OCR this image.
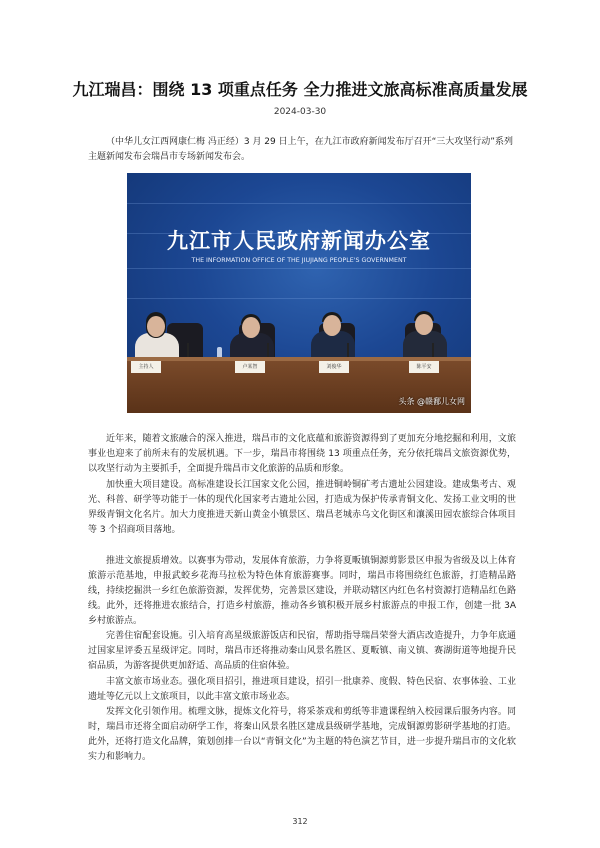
九江瑞昌：围绕 13 项重点任务 全力推进文旅高标准高质量发展
2024-03-30
（中华儿女江西网康仁梅 冯正经）3 月 29 日上午，在九江市政府新闻发布厅召开“三大攻坚行动”系列主题新闻发布会瑞昌市专场新闻发布会。
九江市人民政府新闻办公室
THE INFORMATION OFFICE OF THE JIUJIANG PEOPLE'S GOVERNMENT
主持人	卢某智	刘俊华	陈平安
头条 @赣鄱儿女网

近年来，随着文旅融合的深入推进，瑞昌市的文化底蕴和旅游资源得到了更加充分地挖掘和利用，文旅事业也迎来了前所未有的发展机遇。下一步，瑞昌市将围绕 13 项重点任务，充分依托瑞昌文旅资源优势，以攻坚行动为主要抓手，全面提升瑞昌市文化旅游的品质和形象。

加快重大项目建设。高标准建设长江国家文化公园，推进铜岭铜矿考古遗址公园建设。建成集考古、观光、科普、研学等功能于一体的现代化国家考古遗址公园，打造成为保护传承青铜文化、发扬工业文明的世界级青铜文化名片。加大力度推进天新山黄金小镇景区、瑞昌老城赤乌文化街区和瀼溪田园农旅综合体项目等 3 个招商项目落地。

推进文旅提质增效。以赛事为带动，发展体育旅游，力争将夏畈镇铜源剪影景区申报为省级及以上体育旅游示范基地，申报武蛟乡花海马拉松为特色体育旅游赛事。同时，瑞昌市将围绕红色旅游，打造精品路线，持续挖掘洪一乡红色旅游资源，发挥优势，完善景区建设，并联动辖区内红色名村资源打造精品红色路线。此外，还将推进农旅结合，打造乡村旅游，推动各乡镇积极开展乡村旅游点的申报工作，创建一批 3A 乡村旅游点。

完善住宿配套设施。引入培育高星级旅游饭店和民宿，帮助指导瑞昌荣誉大酒店改造提升，力争年底通过国家星评委五星级评定。同时，瑞昌市还将推动秦山风景名胜区、夏畈镇、南义镇、赛湖街道等地提升民宿品质，为游客提供更加舒适、高品质的住宿体验。

丰富文旅市场业态。强化项目招引，推进项目建设，招引一批康养、度假、特色民宿、农事体验、工业遗址等亿元以上文旅项目，以此丰富文旅市场业态。

发挥文化引领作用。梳理文脉，提炼文化符号，将采茶戏和剪纸等非遗课程纳入校园课后服务内容。同时，瑞昌市还将全面启动研学工作，将秦山风景名胜区建成县级研学基地，完成铜源剪影研学基地的打造。此外，还将打造文化品牌，策划创排一台以“青铜文化”为主题的特色演艺节目，进一步提升瑞昌市的文化软实力和影响力。

312
